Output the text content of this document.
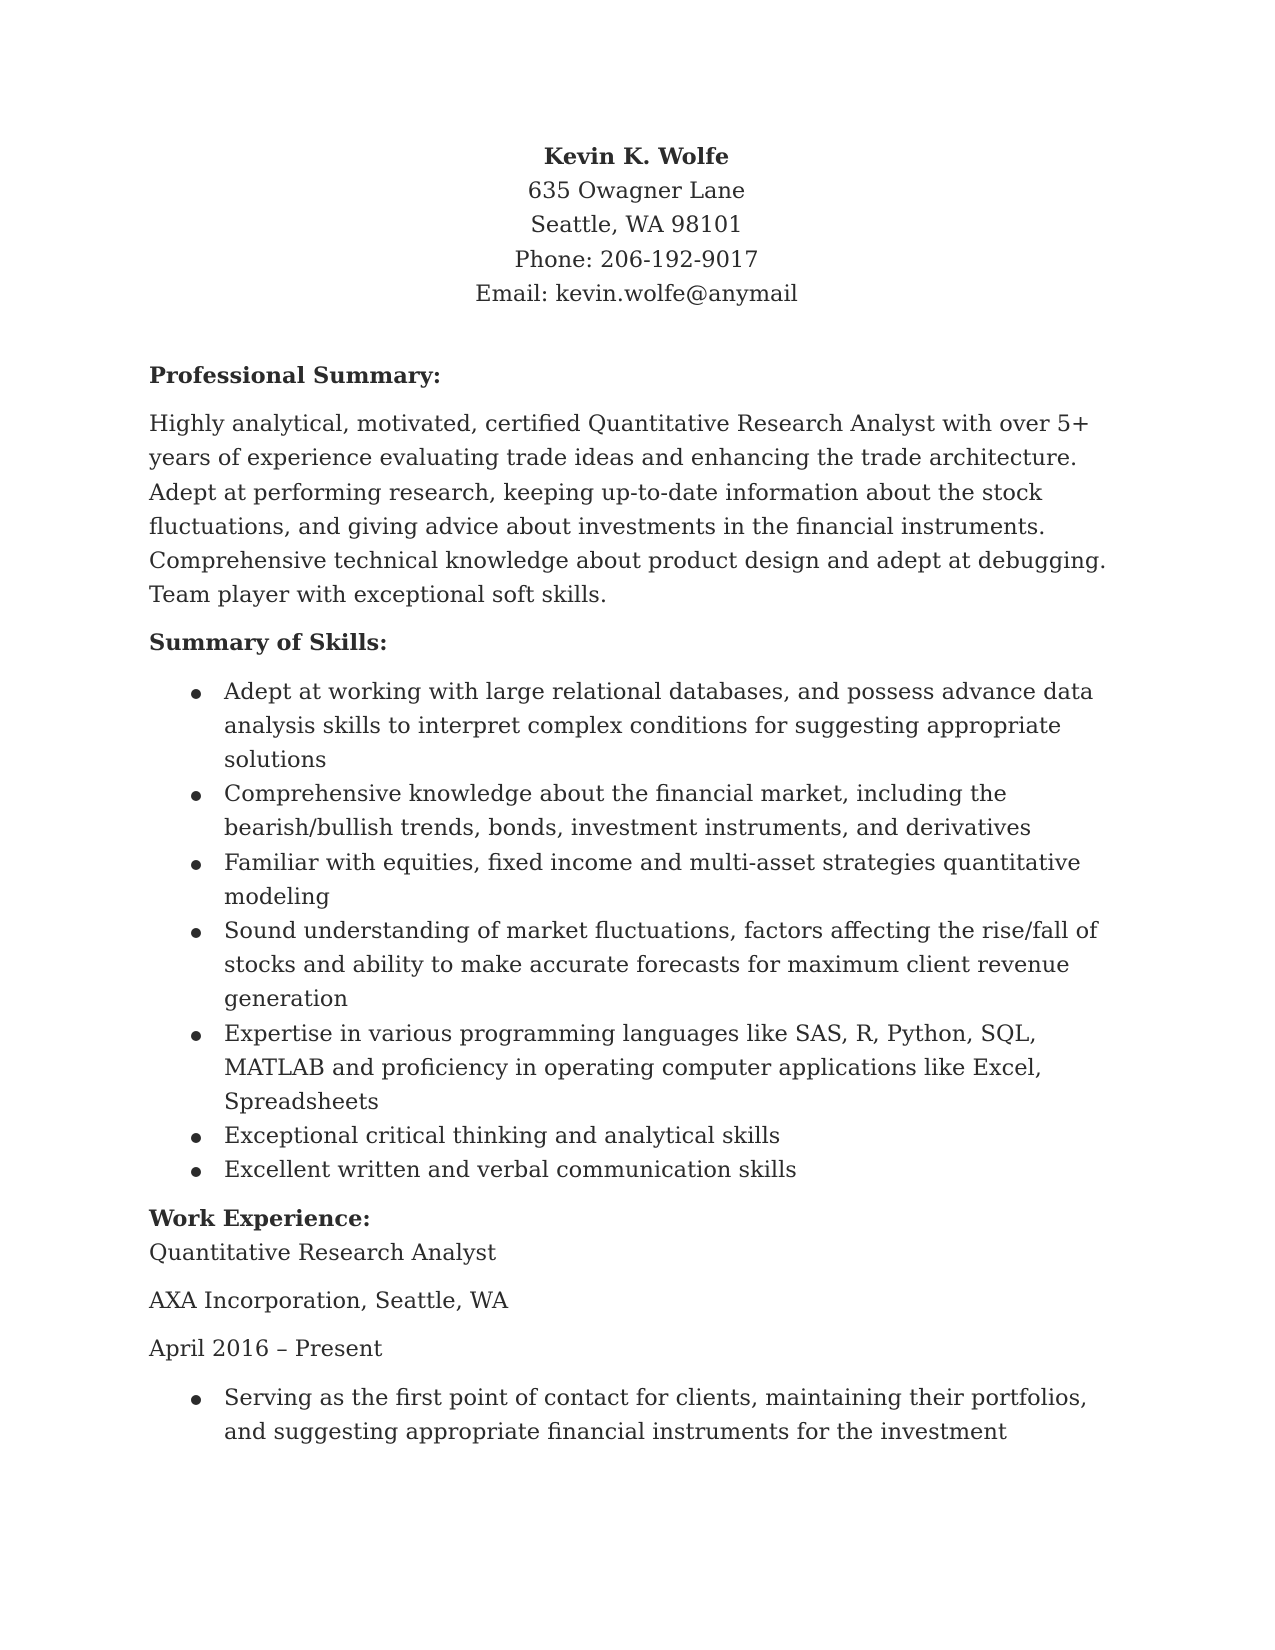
Kevin K. Wolfe
635 Owagner Lane
Seattle, WA 98101
Phone: 206-192-9017
Email: kevin.wolfe@anymail
Professional Summary:
Highly analytical, motivated, certified Quantitative Research Analyst with over 5+ years of experience evaluating trade ideas and enhancing the trade architecture. Adept at performing research, keeping up-to-date information about the stock fluctuations, and giving advice about investments in the financial instruments. Comprehensive technical knowledge about product design and adept at debugging. Team player with exceptional soft skills.
Summary of Skills:
Adept at working with large relational databases, and possess advance data analysis skills to interpret complex conditions for suggesting appropriate solutions
Comprehensive knowledge about the financial market, including the bearish/bullish trends, bonds, investment instruments, and derivatives
Familiar with equities, fixed income and multi-asset strategies quantitative modeling
Sound understanding of market fluctuations, factors affecting the rise/fall of stocks and ability to make accurate forecasts for maximum client revenue generation
Expertise in various programming languages like SAS, R, Python, SQL, MATLAB and proficiency in operating computer applications like Excel, Spreadsheets
Exceptional critical thinking and analytical skills
Excellent written and verbal communication skills
Work Experience:
Quantitative Research Analyst
AXA Incorporation, Seattle, WA
April 2016 – Present
Serving as the first point of contact for clients, maintaining their portfolios, and suggesting appropriate financial instruments for the investment
